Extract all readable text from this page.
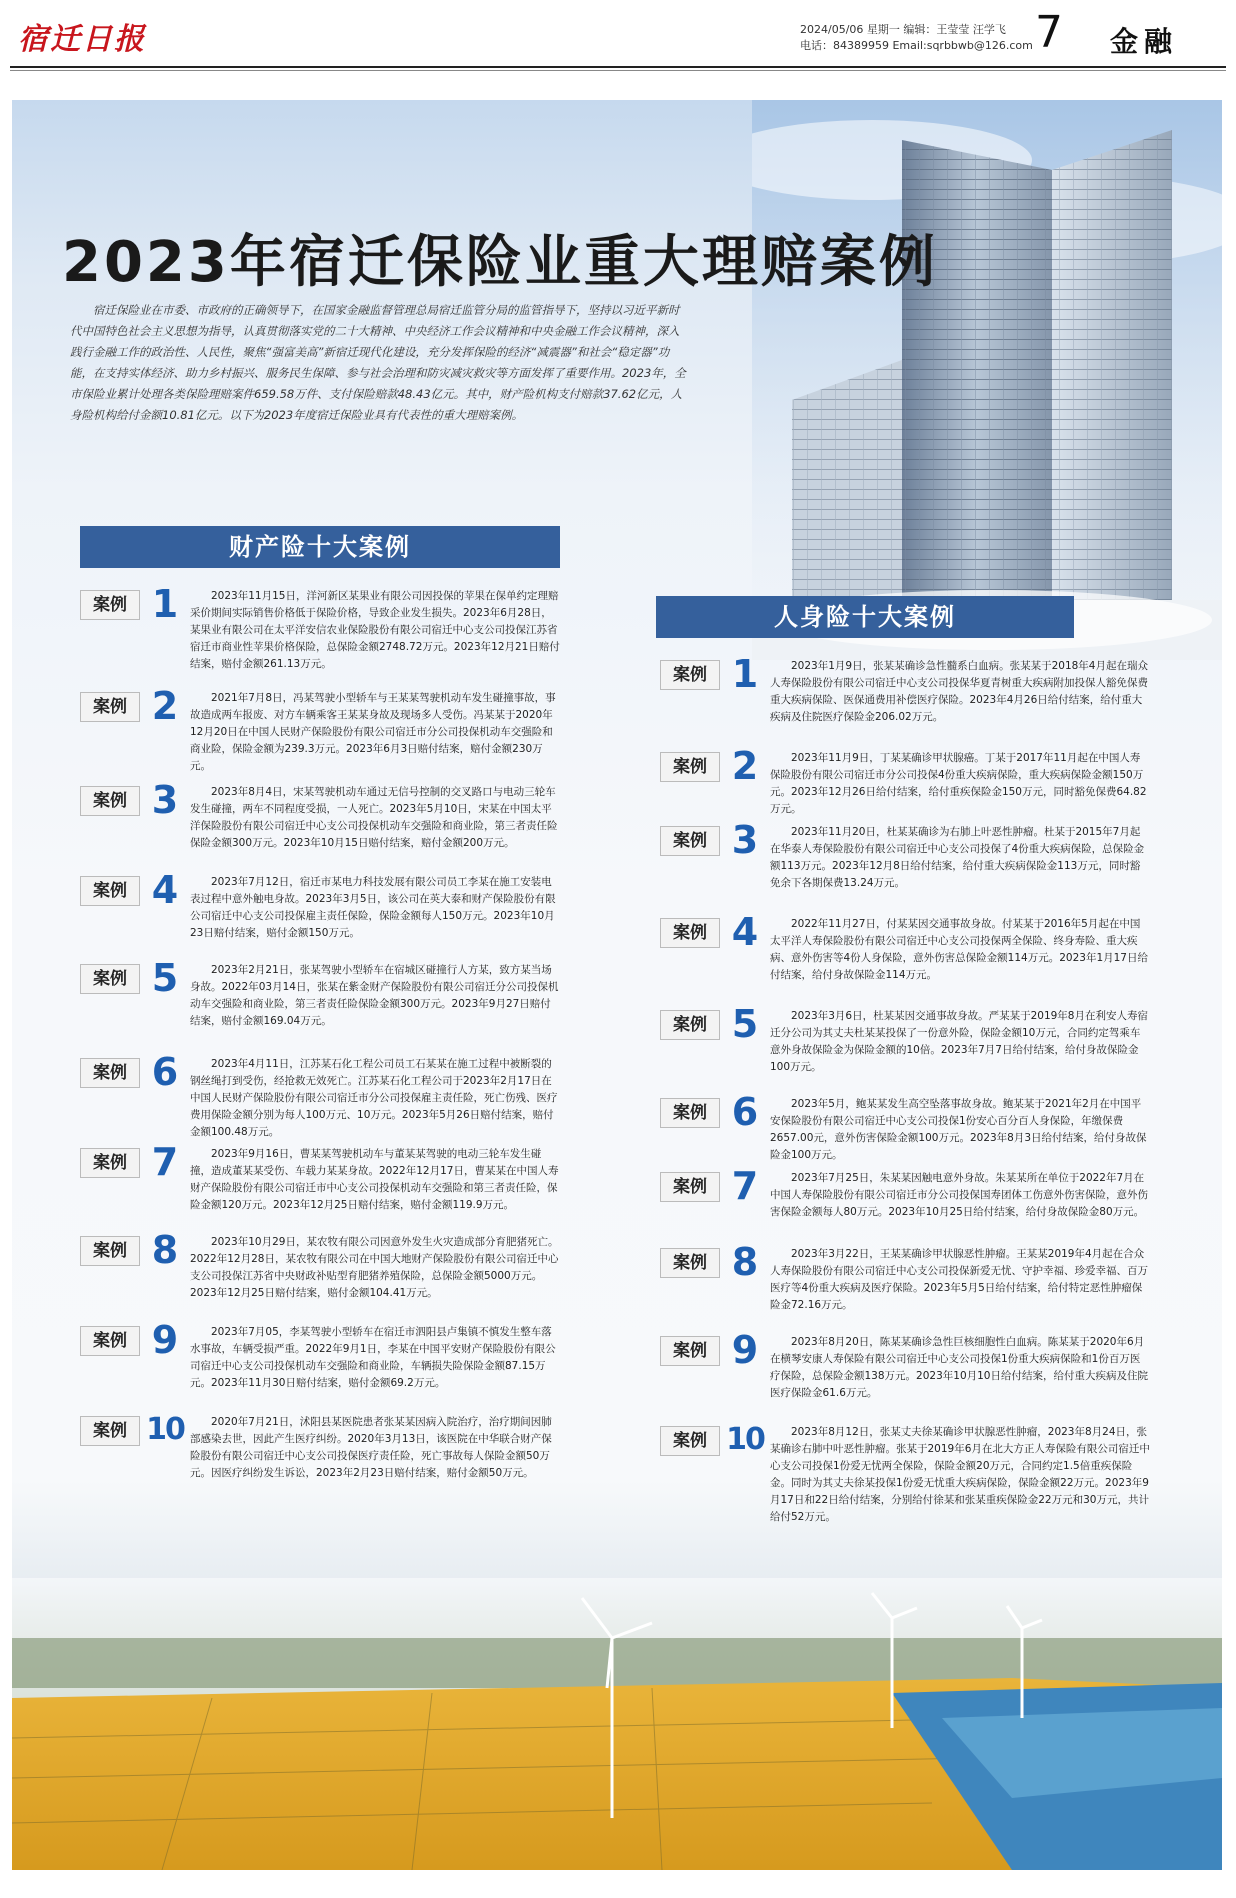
宿迁日报	2024/05/06 星期一 编辑：王莹莹 汪学飞
电话：84389959 Email:sqrbbwb@126.com 7 金融
2023年宿迁保险业重大理赔案例
宿迁保险业在市委、市政府的正确领导下，在国家金融监督管理总局宿迁监管分局的监管指导下，坚持以习近平新时代中国特色社会主义思想为指导，认真贯彻落实党的二十大精神、中央经济工作会议精神和中央金融工作会议精神，深入践行金融工作的政治性、人民性，聚焦“强富美高”新宿迁现代化建设，充分发挥保险的经济“减震器”和社会“稳定器”功能，在支持实体经济、助力乡村振兴、服务民生保障、参与社会治理和防灾减灾救灾等方面发挥了重要作用。2023年，全市保险业累计处理各类保险理赔案件659.58万件、支付保险赔款48.43亿元。其中，财产险机构支付赔款37.62亿元，人身险机构给付金额10.81亿元。以下为2023年度宿迁保险业具有代表性的重大理赔案例。
财产险十大案例
案例 1	2023年11月15日，洋河新区某果业有限公司因投保的苹果在保单约定理赔采价期间实际销售价格低于保险价格，导致企业发生损失。2023年6月28日，某果业有限公司在太平洋安信农业保险股份有限公司宿迁中心支公司投保江苏省宿迁市商业性苹果价格保险，总保险金额2748.72万元。2023年12月21日赔付结案，赔付金额261.13万元。
案例 2	2021年7月8日，冯某驾驶小型轿车与王某某驾驶机动车发生碰撞事故，事故造成两车报废、对方车辆乘客王某某身故及现场多人受伤。冯某某于2020年12月20日在中国人民财产保险股份有限公司宿迁市分公司投保机动车交强险和商业险，保险金额为239.3万元。2023年6月3日赔付结案，赔付金额230万元。
案例 3	2023年8月4日，宋某驾驶机动车通过无信号控制的交叉路口与电动三轮车发生碰撞，两车不同程度受损，一人死亡。2023年5月10日，宋某在中国太平洋保险股份有限公司宿迁中心支公司投保机动车交强险和商业险，第三者责任险保险金额300万元。2023年10月15日赔付结案，赔付金额200万元。
案例 4	2023年7月12日，宿迁市某电力科技发展有限公司员工李某在施工安装电表过程中意外触电身故。2023年3月5日，该公司在英大泰和财产保险股份有限公司宿迁中心支公司投保雇主责任保险，保险金额每人150万元。2023年10月23日赔付结案，赔付金额150万元。
案例 5	2023年2月21日，张某驾驶小型轿车在宿城区碰撞行人方某，致方某当场身故。2022年03月14日，张某在紫金财产保险股份有限公司宿迁分公司投保机动车交强险和商业险，第三者责任险保险金额300万元。2023年9月27日赔付结案，赔付金额169.04万元。
案例 6	2023年4月11日，江苏某石化工程公司员工石某某在施工过程中被断裂的钢丝绳打到受伤，经抢救无效死亡。江苏某石化工程公司于2023年2月17日在中国人民财产保险股份有限公司宿迁市分公司投保雇主责任险，死亡伤残、医疗费用保险金额分别为每人100万元、10万元。2023年5月26日赔付结案，赔付金额100.48万元。
案例 7	2023年9月16日，曹某某驾驶机动车与董某某驾驶的电动三轮车发生碰撞，造成董某某受伤、车载力某某身故。2022年12月17日，曹某某在中国人寿财产保险股份有限公司宿迁市中心支公司投保机动车交强险和第三者责任险，保险金额120万元。2023年12月25日赔付结案，赔付金额119.9万元。
案例 8	2023年10月29日，某农牧有限公司因意外发生火灾造成部分育肥猪死亡。2022年12月28日，某农牧有限公司在中国大地财产保险股份有限公司宿迁中心支公司投保江苏省中央财政补贴型育肥猪养殖保险，总保险金额5000万元。2023年12月25日赔付结案，赔付金额104.41万元。
案例 9	2023年7月05，李某驾驶小型轿车在宿迁市泗阳县卢集镇不慎发生整车落水事故，车辆受损严重。2022年9月1日，李某在中国平安财产保险股份有限公司宿迁中心支公司投保机动车交强险和商业险，车辆损失险保险金额87.15万元。2023年11月30日赔付结案，赔付金额69.2万元。
案例 10	2020年7月21日，沭阳县某医院患者张某某因病入院治疗，治疗期间因肺部感染去世，因此产生医疗纠纷。2020年3月13日，该医院在中华联合财产保险股份有限公司宿迁中心支公司投保医疗责任险，死亡事故每人保险金额50万元。因医疗纠纷发生诉讼，2023年2月23日赔付结案，赔付金额50万元。
人身险十大案例
案例 1	2023年1月9日，张某某确诊急性髓系白血病。张某某于2018年4月起在瑞众人寿保险股份有限公司宿迁中心支公司投保华夏青树重大疾病附加投保人豁免保费重大疾病保险、医保通费用补偿医疗保险。2023年4月26日给付结案，给付重大疾病及住院医疗保险金206.02万元。
案例 2	2023年11月9日，丁某某确诊甲状腺癌。丁某于2017年11月起在中国人寿保险股份有限公司宿迁市分公司投保4份重大疾病保险，重大疾病保险金额150万元。2023年12月26日给付结案，给付重疾保险金150万元，同时豁免保费64.82万元。
案例 3	2023年11月20日，杜某某确诊为右肺上叶恶性肿瘤。杜某于2015年7月起在华泰人寿保险股份有限公司宿迁中心支公司投保了4份重大疾病保险，总保险金额113万元。2023年12月8日给付结案，给付重大疾病保险金113万元，同时豁免余下各期保费13.24万元。
案例 4	2022年11月27日，付某某因交通事故身故。付某某于2016年5月起在中国太平洋人寿保险股份有限公司宿迁中心支公司投保两全保险、终身寿险、重大疾病、意外伤害等4份人身保险，意外伤害总保险金额114万元。2023年1月17日给付结案，给付身故保险金114万元。
案例 5	2023年3月6日，杜某某因交通事故身故。严某某于2019年8月在利安人寿宿迁分公司为其丈夫杜某某投保了一份意外险，保险金额10万元，合同约定驾乘车意外身故保险金为保险金额的10倍。2023年7月7日给付结案，给付身故保险金100万元。
案例 6	2023年5月，鲍某某发生高空坠落事故身故。鲍某某于2021年2月在中国平安保险股份有限公司宿迁中心支公司投保1份安心百分百人身保险，年缴保费2657.00元，意外伤害保险金额100万元。2023年8月3日给付结案，给付身故保险金100万元。
案例 7	2023年7月25日，朱某某因触电意外身故。朱某某所在单位于2022年7月在中国人寿保险股份有限公司宿迁市分公司投保国寿团体工伤意外伤害保险，意外伤害保险金额每人80万元。2023年10月25日给付结案，给付身故保险金80万元。
案例 8	2023年3月22日，王某某确诊甲状腺恶性肿瘤。王某某2019年4月起在合众人寿保险股份有限公司宿迁中心支公司投保新爱无忧、守护幸福、珍爱幸福、百万医疗等4份重大疾病及医疗保险。2023年5月5日给付结案，给付特定恶性肿瘤保险金72.16万元。
案例 9	2023年8月20日，陈某某确诊急性巨核细胞性白血病。陈某某于2020年6月在横琴安康人寿保险有限公司宿迁中心支公司投保1份重大疾病保险和1份百万医疗保险，总保险金额138万元。2023年10月10日给付结案，给付重大疾病及住院医疗保险金61.6万元。
案例 10	2023年8月12日，张某丈夫徐某确诊甲状腺恶性肿瘤，2023年8月24日，张某确诊右肺中叶恶性肿瘤。张某于2019年6月在北大方正人寿保险有限公司宿迁中心支公司投保1份爱无忧两全保险，保险金额20万元，合同约定1.5倍重疾保险金。同时为其丈夫徐某投保1份爱无忧重大疾病保险，保险金额22万元。2023年9月17日和22日给付结案，分别给付徐某和张某重疾保险金22万元和30万元，共计给付52万元。
